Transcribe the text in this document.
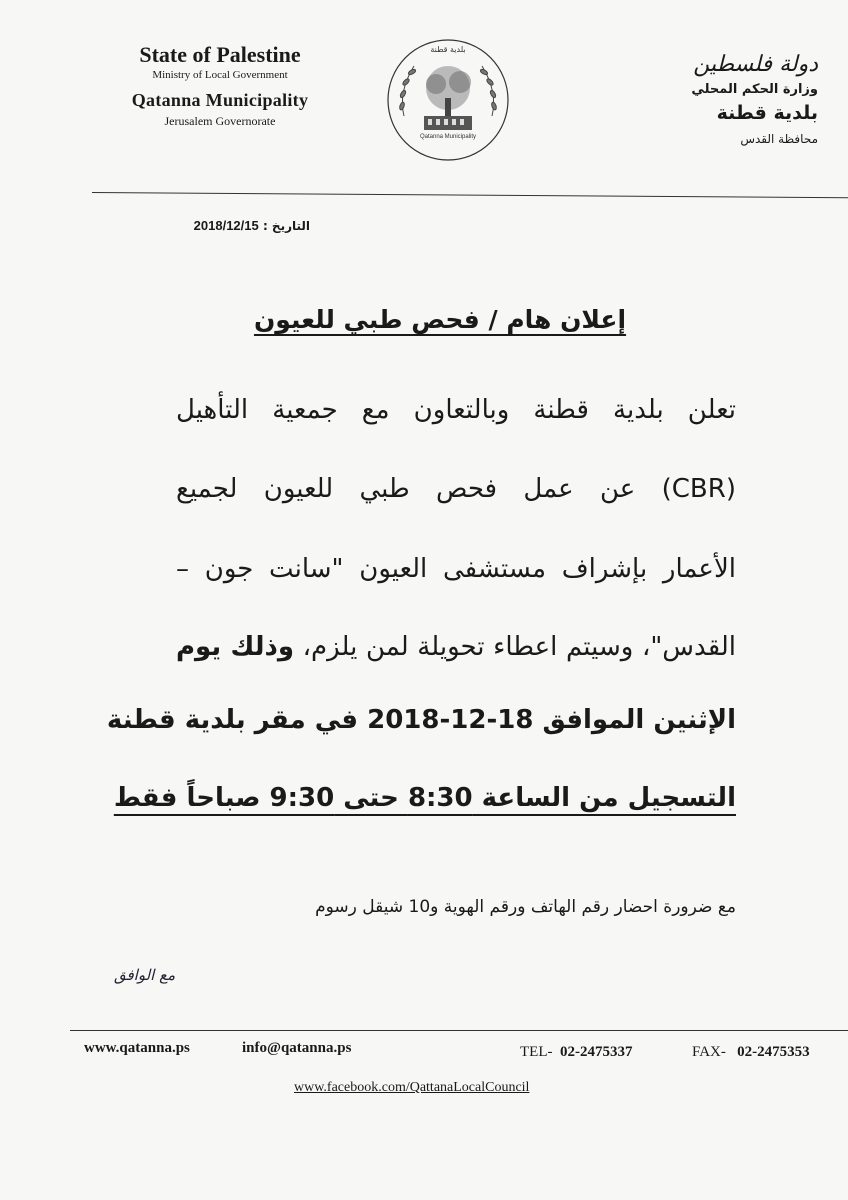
State of Palestine
Ministry of Local Government
Qatanna Municipality
Jerusalem Governorate
بلدية قطنة
Qatanna Municipality
دولة فلسطين
وزارة الحكم المحلي
بلدية قطنة
محافظة القدس
التاريخ : 2018/12/15
إعلان هام / فحص طبي للعيون
تعلن بلدية قطنة وبالتعاون مع جمعية التأهيل
(CBR) عن عمل فحص طبي للعيون لجميع
الأعمار بإشراف مستشفى العيون "سانت جون –
القدس"، وسيتم اعطاء تحويلة لمن يلزم، وذلك يوم
الإثنين الموافق 18-12-2018 في مقر بلدية قطنة
التسجيل من الساعة 8:30 حتى 9:30 صباحاً فقط
مع ضرورة احضار رقم الهاتف ورقم الهوية و10 شيقل رسوم
مع الوافق
www.qatanna.ps	info@qatanna.ps	TEL- 02-2475337	FAX- 02-2475353
www.facebook.com/QattanaLocalCouncil
